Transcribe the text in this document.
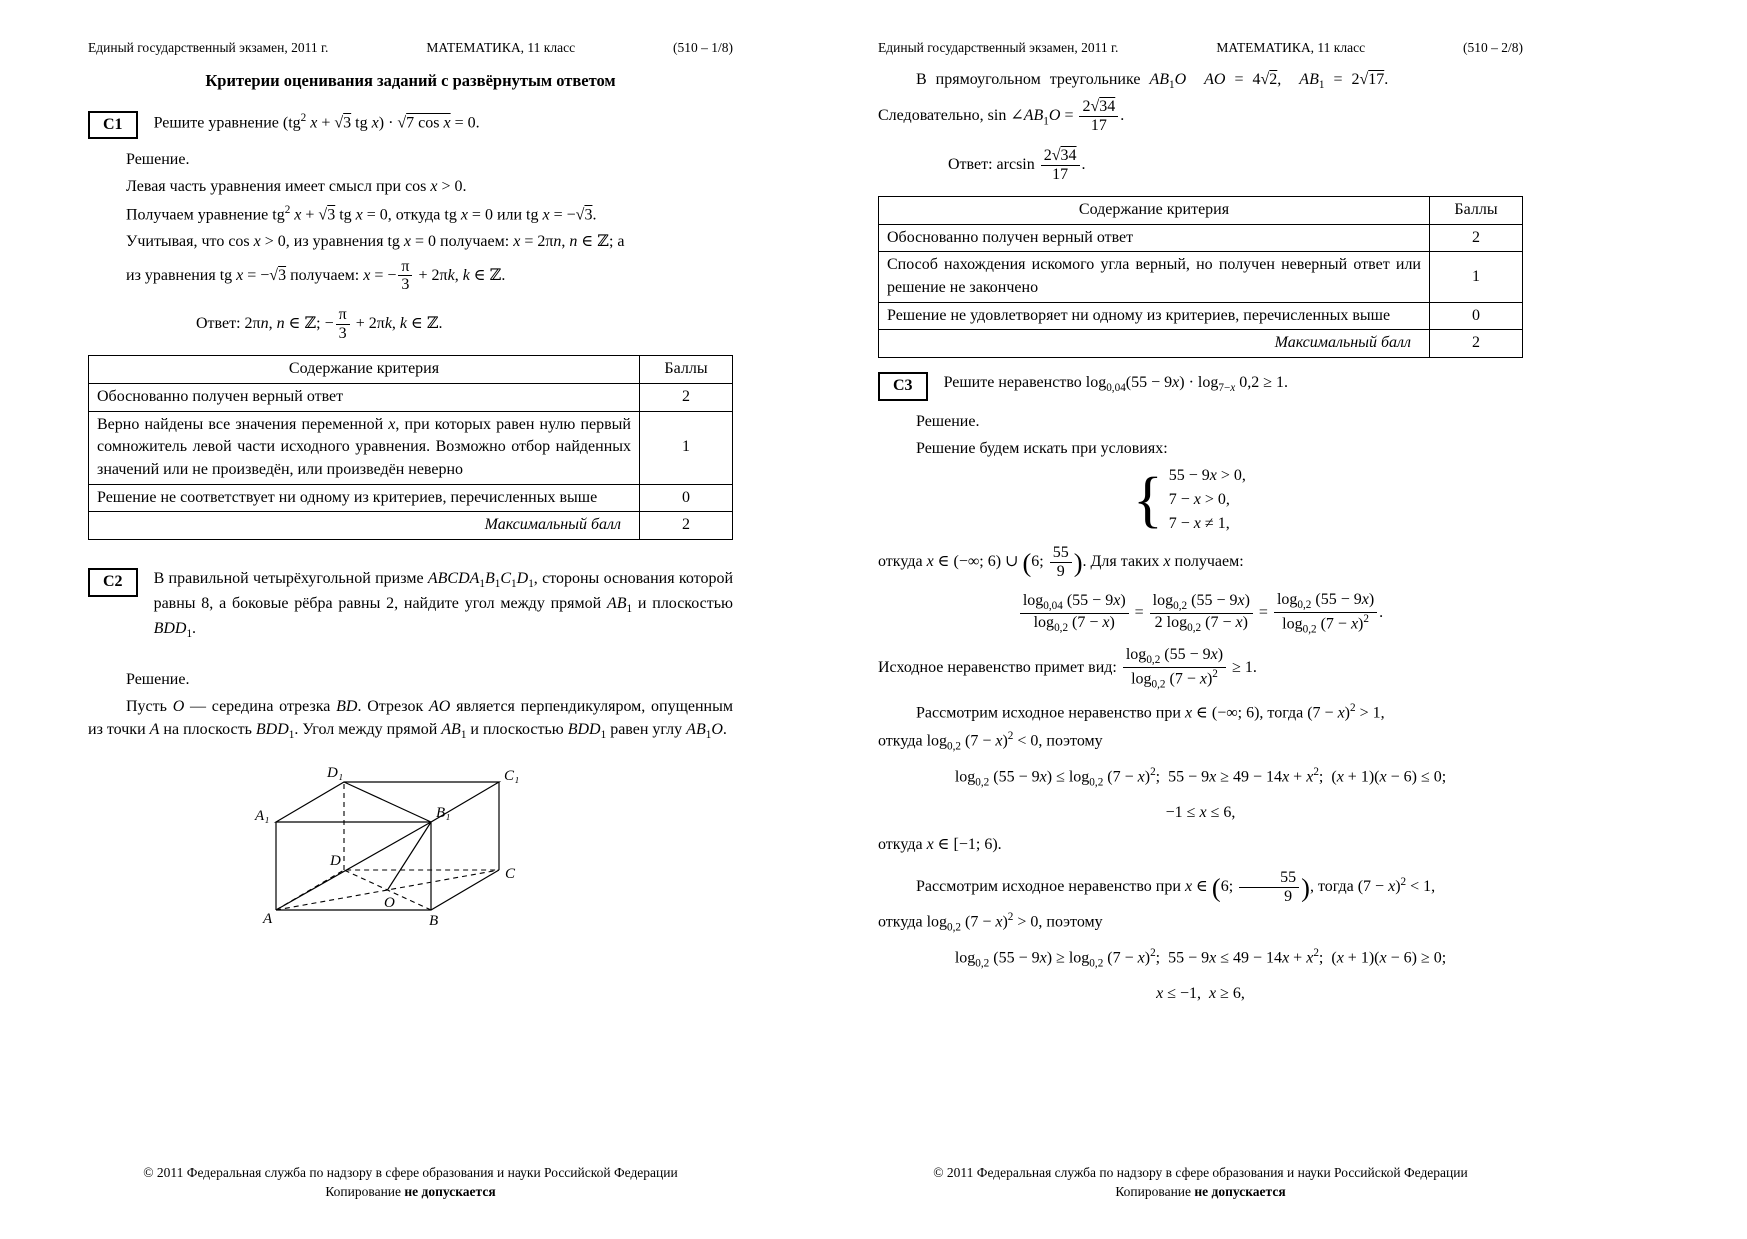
Единый государственный экзамен, 2011 г.	МАТЕМАТИКА, 11 класс	(510 – 1/8)
Критерии оценивания заданий с развёрнутым ответом
С1	Решите уравнение ($tg^2$ x + √3 tg x) · √7 cos x = 0.
Решение.
Левая часть уравнения имеет смысл при cos x > 0.
Получаем уравнение $tg^2$ x + √3 tg x = 0, откуда tg x = 0 или tg x = −√3.
Учитывая, что cos x > 0, из уравнения tg x = 0 получаем: x = 2πn, n ∈ ℤ; а
из уравнения tg x = −√3 получаем: x = − $\frac{\pi}{3} + 2\pi k$, k ∈ ℤ.
Ответ: 2πn, n ∈ ℤ; − $\frac{\pi}{3} + 2\pi k$, k ∈ ℤ.
Содержание критерия	Баллы
Обоснованно получен верный ответ	2
Верно найдены все значения переменной x, при которых равен нулю первый сомножитель левой части исходного уравнения. Возможно отбор найденных значений или не произведён, или произведён неверно	1
Решение не соответствует ни одному из критериев, перечисленных выше	0
Максимальный балл	2
С2	В правильной четырёхугольной призме $ABCDA_1B_1C_1D_1$, стороны основания которой равны 8, а боковые рёбра равны 2, найдите угол между прямой $AB_1$ и плоскостью $BDD_1$.
Решение.
Пусть O — середина отрезка BD. Отрезок AO является перпендикуляром, опущенным из точки A на плоскость $BDD_1$. Угол между прямой $AB_1$ и плоскостью $BDD_1$ равен углу $AB_1O$.
A	B
C
D
A₁	B₁
C₁
D₁
O
© 2011 Федеральная служба по надзору в сфере образования и науки Российской Федерации
Копирование не допускается
Единый государственный экзамен, 2011 г.	МАТЕМАТИКА, 11 класс	(510 – 2/8)
В прямоугольном треугольнике $AB_1O$ AO = 4√2,  $AB_1 = 2√17$.
Следовательно, $\sin \angle AB_1O = \frac{2√34}{17}$ .
Ответ: $\arcsin \frac{2√34}{17}$ .
Содержание критерия	Баллы
Обоснованно получен верный ответ	2
Способ нахождения искомого угла верный, но получен неверный ответ или решение не закончено	1
Решение не удовлетворяет ни одному из критериев, перечисленных выше	0
Максимальный балл	2
С3	Решите неравенство $\log_{0,04}(55 - 9x) \cdot \log_{7-x} 0,2 \ge 1$.
Решение.
Решение будем искать при условиях:
{ 55 − 9x > 0,
7 − x > 0,
7 − x ≠ 1,
откуда x ∈ (−∞; 6) ∪ (6; $\frac{55}{9}$ ). Для таких x получаем:
$\frac{\log_{0,04} (55 - 9x)}{\log_{0,2} (7 - x)} = \frac{\log_{0,2} (55 - 9x)}{2 \log_{0,2} (7 - x)} = \frac{\log_{0,2} (55 - 9x)}{\log_{0,2} (7 - x)^2}$ .
Исходное неравенство примет вид: $\frac{\log_{0,2} (55 - 9x)}{\log_{0,2} (7 - x)^2} \ge 1$.
Рассмотрим исходное неравенство при x ∈ (−∞; 6), тогда $(7 - x)^2 > 1$,
откуда $\log_{0,2} (7 - x)^2 < 0$, поэтому
$\log_{0,2} (55 - 9x) \le \log_{0,2} (7 - x)^2$;  $55 - 9x \ge 49 - 14x + x^2$;  (x + 1)(x − 6) ≤ 0;
−1 ≤ x ≤ 6,
откуда x ∈ [−1; 6).
Рассмотрим исходное неравенство при x ∈ (6; $\frac{55}{9}$ ), тогда $(7 - x)^2 < 1$,
откуда $\log_{0,2} (7 - x)^2 > 0$, поэтому
$\log_{0,2} (55 - 9x) \ge \log_{0,2} (7 - x)^2$;  $55 - 9x \le 49 - 14x + x^2$;  (x + 1)(x − 6) ≥ 0;
x ≤ −1,  x ≥ 6,
© 2011 Федеральная служба по надзору в сфере образования и науки Российской Федерации
Копирование не допускается
